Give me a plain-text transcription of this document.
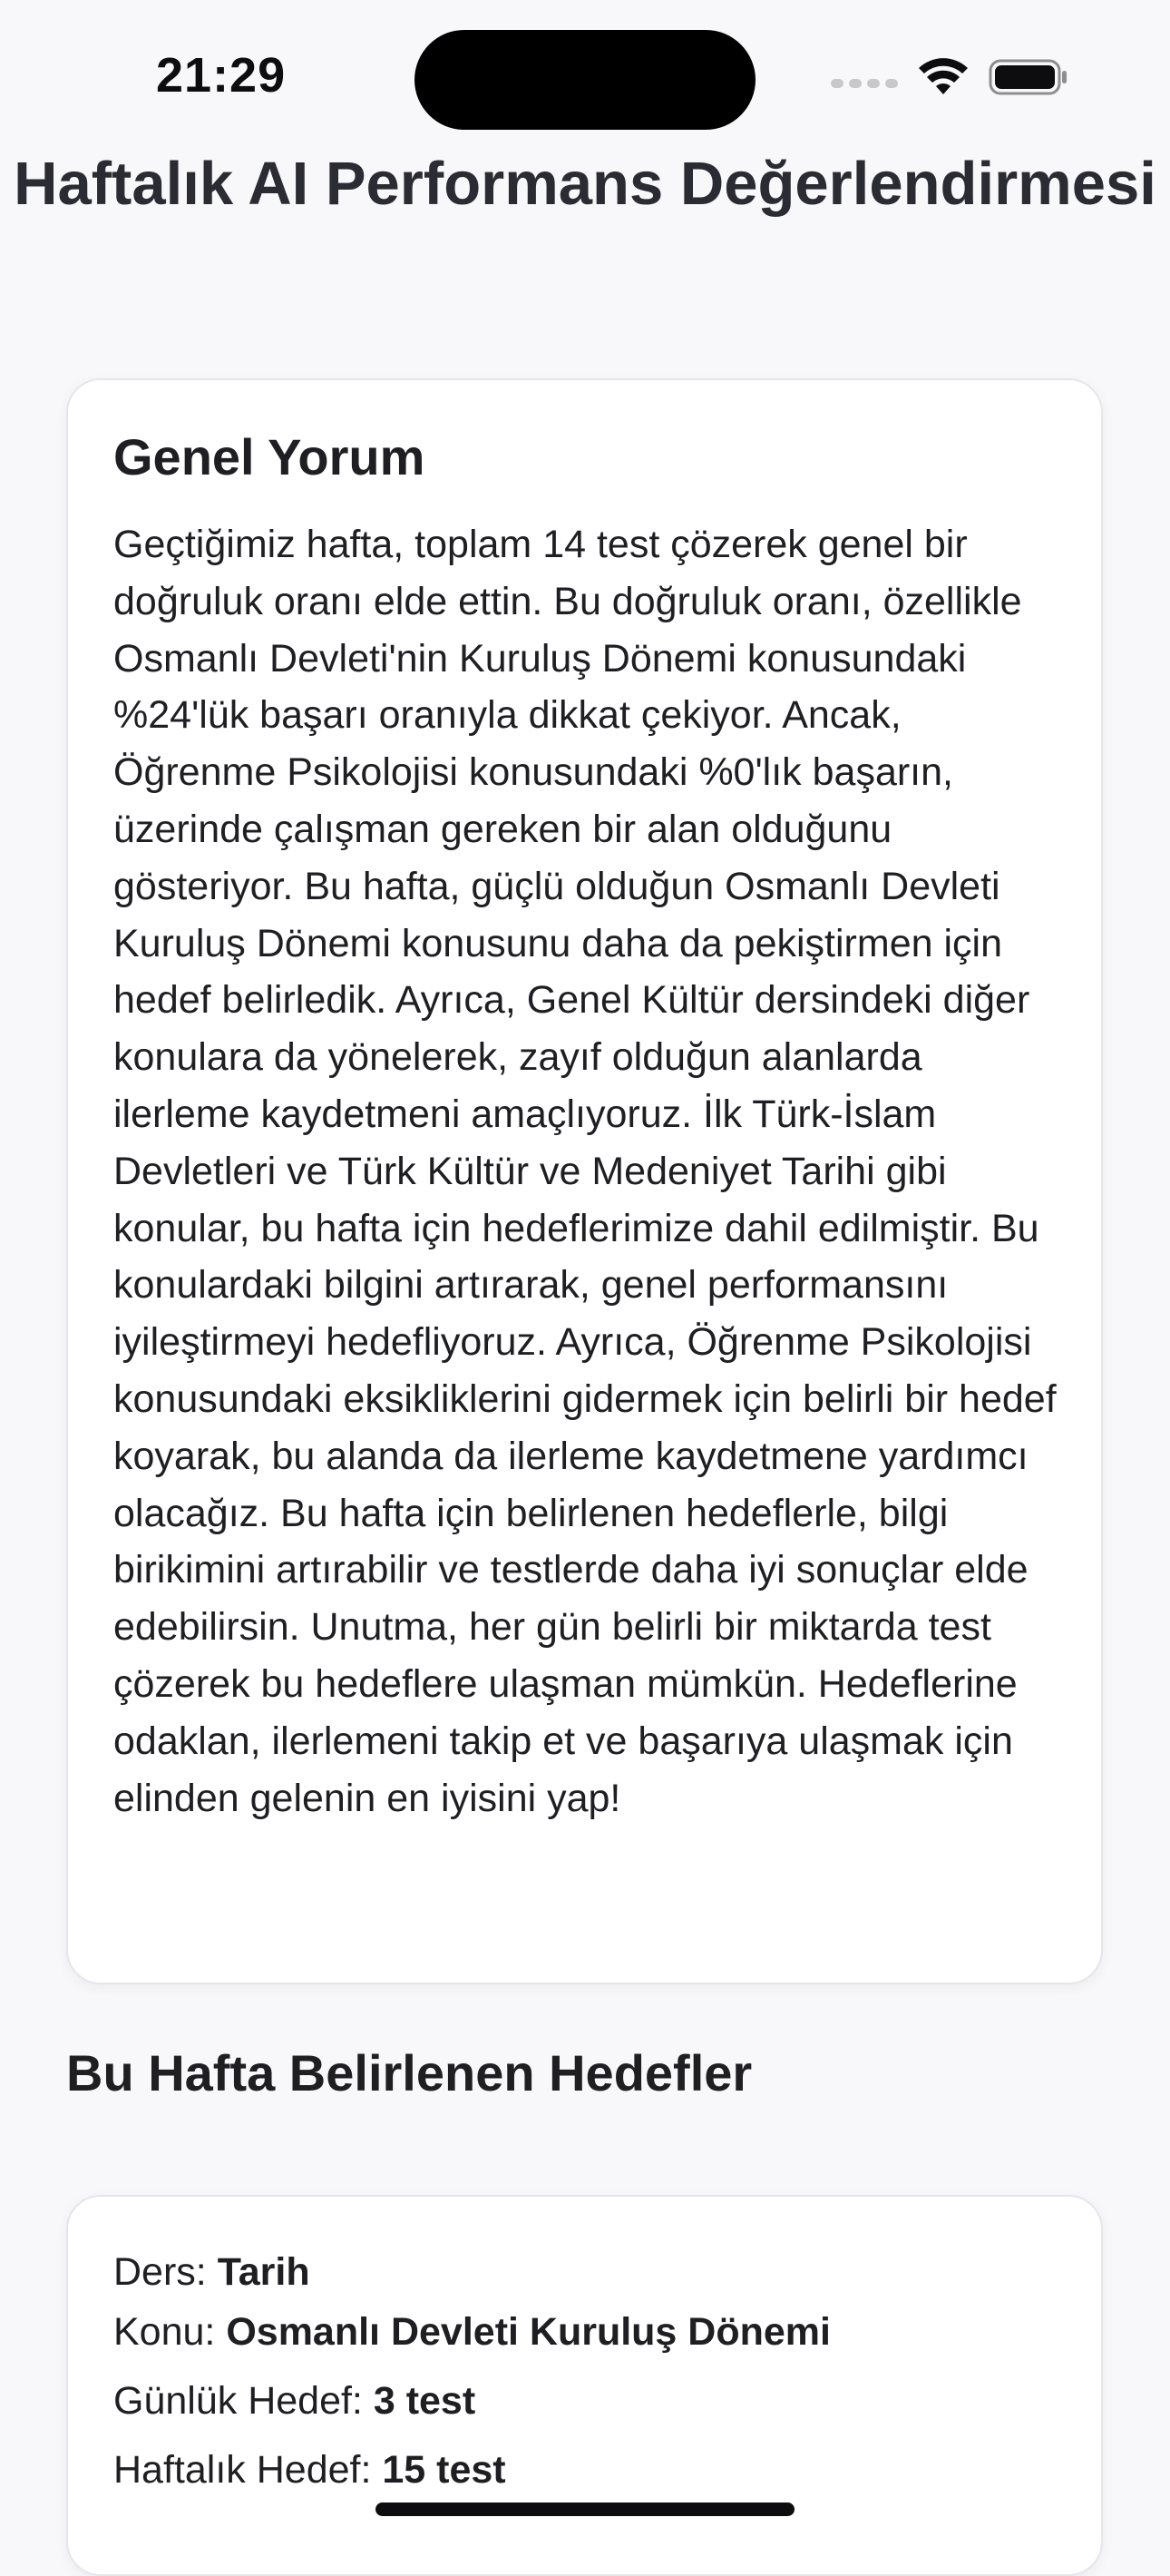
21:29
Haftalık AI Performans Değerlendirmesi
Genel Yorum

Geçtiğimiz hafta, toplam 14 test çözerek genel bir doğruluk oranı elde ettin. Bu doğruluk oranı, özellikle Osmanlı Devleti'nin Kuruluş Dönemi konusundaki %24'lük başarı oranıyla dikkat çekiyor. Ancak, Öğrenme Psikolojisi konusundaki %0'lık başarın, üzerinde çalışman gereken bir alan olduğunu gösteriyor. Bu hafta, güçlü olduğun Osmanlı Devleti Kuruluş Dönemi konusunu daha da pekiştirmen için hedef belirledik. Ayrıca, Genel Kültür dersindeki diğer konulara da yönelerek, zayıf olduğun alanlarda ilerleme kaydetmeni amaçlıyoruz. İlk Türk-İslam Devletleri ve Türk Kültür ve Medeniyet Tarihi gibi konular, bu hafta için hedeflerimize dahil edilmiştir. Bu konulardaki bilgini artırarak, genel performansını iyileştirmeyi hedefliyoruz. Ayrıca, Öğrenme Psikolojisi konusundaki eksikliklerini gidermek için belirli bir hedef koyarak, bu alanda da ilerleme kaydetmene yardımcı olacağız. Bu hafta için belirlenen hedeflerle, bilgi birikimini artırabilir ve testlerde daha iyi sonuçlar elde edebilirsin. Unutma, her gün belirli bir miktarda test çözerek bu hedeflere ulaşman mümkün. Hedeflerine odaklan, ilerlemeni takip et ve başarıya ulaşmak için elinden gelenin en iyisini yap!

Bu Hafta Belirlenen Hedefler

Ders: Tarih

Konu: Osmanlı Devleti Kuruluş Dönemi

Günlük Hedef: 3 test

Haftalık Hedef: 15 test
